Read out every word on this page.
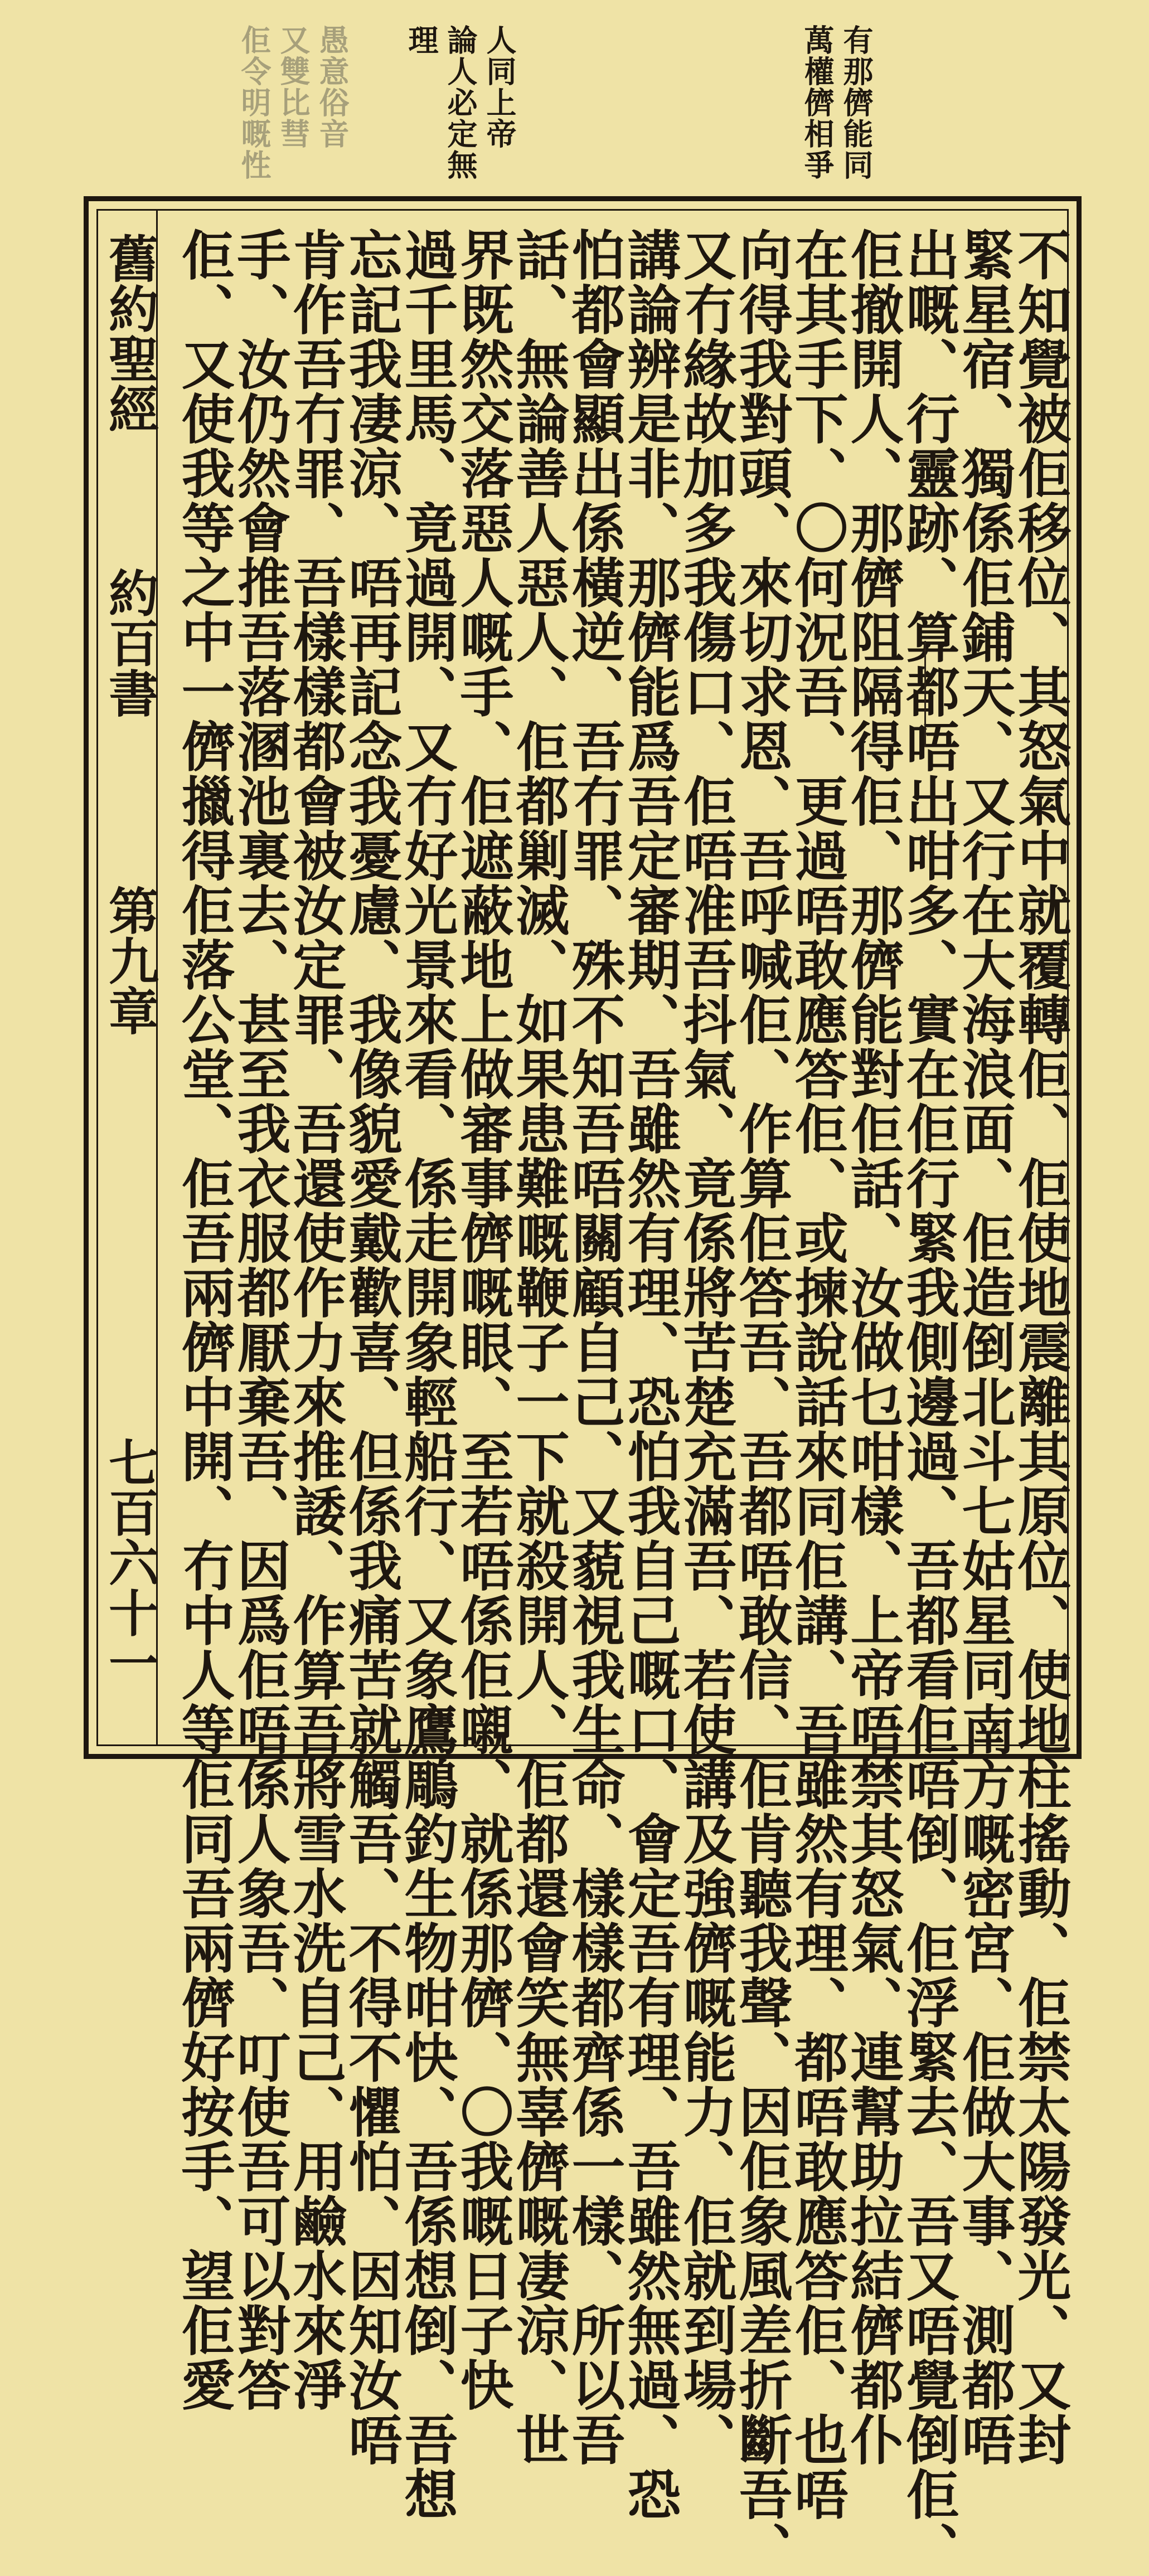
佢令明嘅性 又雙比彗 愚意俗音	有那儕能同
萬權儕相爭
人同上帝
論人必定無
理
舊約聖經
約百書
第九章
七百六十一	不知覺被佢移位、其怒氣中就覆轉佢、佢使地震離其原位、使地柱搖動、佢禁太陽發光、又封
緊星宿、獨係佢鋪天、又行在大海浪面、佢造倒北斗七姑星同南方嘅密宮、佢做大事、測都唔
出嘅、行靈跡、算都唔出咁多、實在佢行緊我側邊過、吾都看佢唔倒、佢浮緊去、吾又唔覺倒佢、
佢撤開人、那儕阻隔得佢、那儕能對佢話、汝做乜咁樣、上帝唔禁其怒氣、連幫助拉結儕都仆
在其手下、〇何況吾、更過唔敢應答佢、或揀說話來同佢講、吾雖然有理、都唔敢應答佢、也唔
向得我對頭、來切求恩、吾呼喊佢、作算佢答吾、吾都唔敢信、佢肯聽我聲、因佢象風差折斷吾、
又冇緣故加多我傷口、佢唔准吾抖氣、竟係將苦楚充滿吾、若使講及強儕嘅能力、佢就到場、
講論辨是非、那儕能爲吾定審期、吾雖然有理、恐怕我自己嘅口、會定吾有理、吾雖然無過、恐
怕都會顯出係橫逆、吾冇罪、殊不知吾唔關顧自己、又藐視我生命、樣樣都齊係一樣、所以吾
話、無論善人惡人、佢都剿滅、如果患難嘅鞭子一下就殺開人、佢都還會笑無辜儕嘅凄涼、世
界既然交落惡人嘅手、佢遮蔽地上做審事儕嘅眼、至若唔係佢嚫、就係那儕、〇我嘅日子快
過千里馬、竟過開、又冇好光景來看、係走開象輕船行、又象鷹鵰釣生物咁快、吾係想倒、吾想
忘記我凄涼、唔再記念我憂慮、我像貌愛戴歡喜、但係我痛苦就觸吾、不得不懼怕、因知汝唔
肯作吾冇罪、吾樣樣都會被汝定罪、吾還使作力來推諉、作算吾將雪水洗自己、用鹼水來淨
手、汝仍然會推吾落溷池裏去、甚至我衣服都厭棄吾、因爲佢唔係人象吾、叮使吾可以對答
佢、又使我等之中一儕擸得佢落公堂、佢吾兩儕中開、冇中人等佢同吾兩儕好按手、望佢愛
